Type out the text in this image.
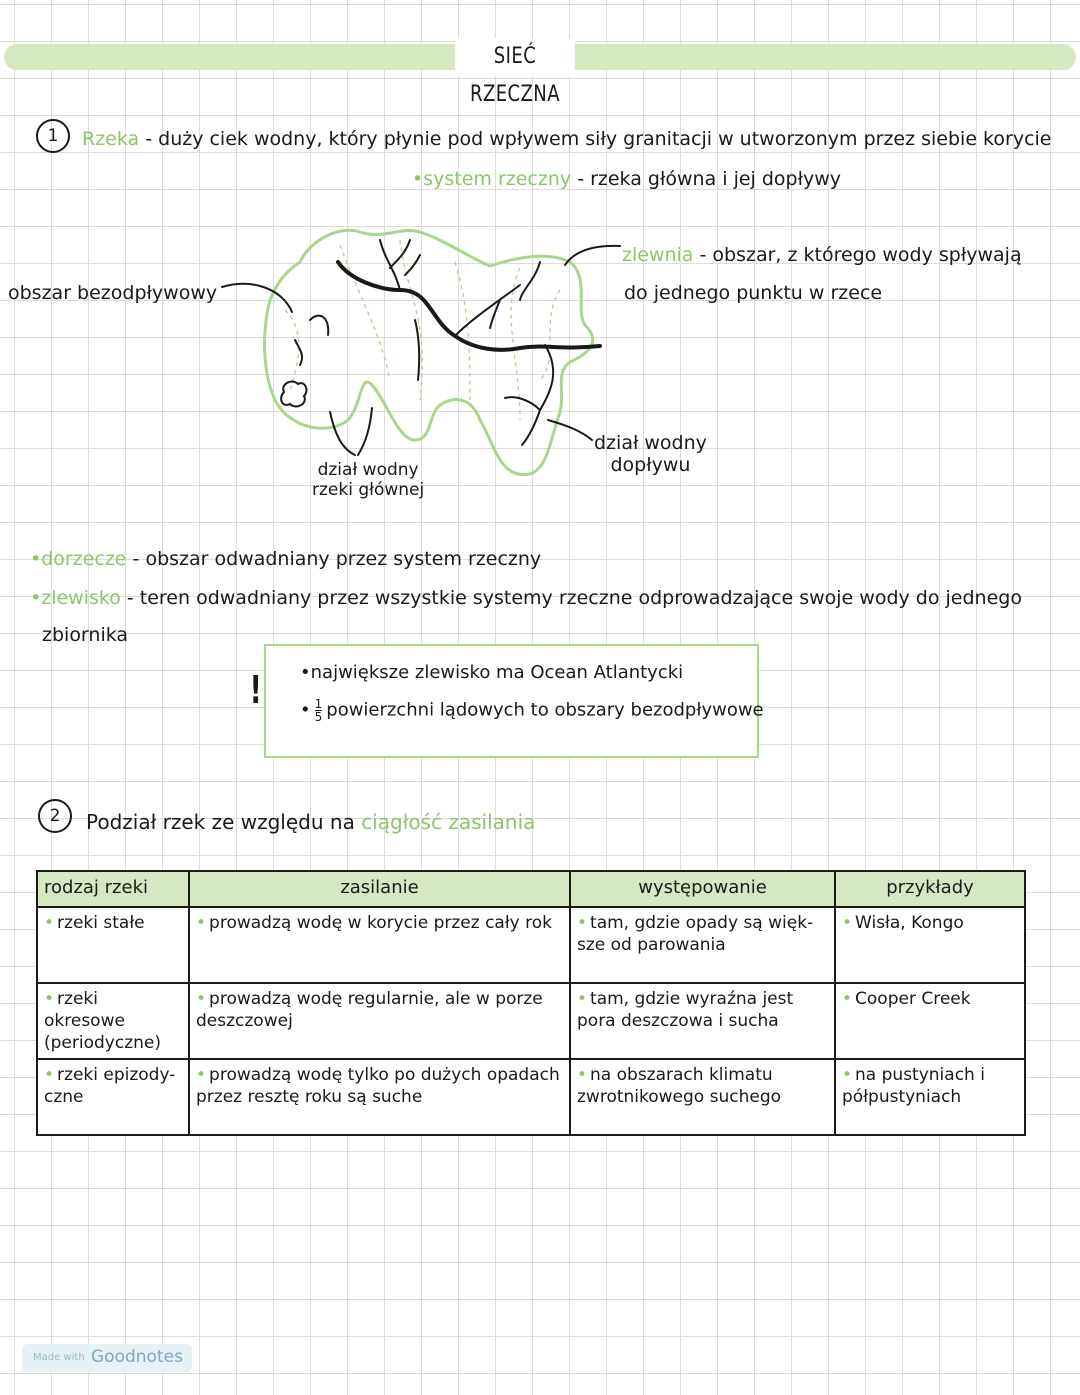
SIEĆ RZECZNA
1	Rzeka - duży ciek wodny, który płynie pod wpływem siły granitacji w utworzonym przez siebie korycie
•system rzeczny - rzeka główna i jej dopływy
obszar bezodpływowy
zlewnia - obszar, z którego wody spływają
do jednego punktu w rzece
dział wodny
rzeki głównej
dział wodny
dopływu
•dorzecze - obszar odwadniany przez system rzeczny
•zlewisko - teren odwadniany przez wszystkie systemy rzeczne odprowadzające swoje wody do jednego
zbiornika
! •największe zlewisko ma Ocean Atlantycki
• $\frac{1}{5}$ powierzchni lądowych to obszary bezodpływowe
2	Podział rzek ze względu na ciągłość zasilania
rodzaj rzeki	zasilanie	występowanie	przykłady
• rzeki stałe	• prowadzą wodę w korycie przez cały rok	• tam, gdzie opady są więk-sze od parowania	• Wisła, Kongo
• rzeki okresowe (periodyczne)	• prowadzą wodę regularnie, ale w porze deszczowej	• tam, gdzie wyraźna jest pora deszczowa i sucha	• Cooper Creek
• rzeki epizody-czne	• prowadzą wodę tylko po dużych opadach przez resztę roku są suche	• na obszarach klimatu zwrotnikowego suchego	• na pustyniach i półpustyniach
Made with Goodnotes
